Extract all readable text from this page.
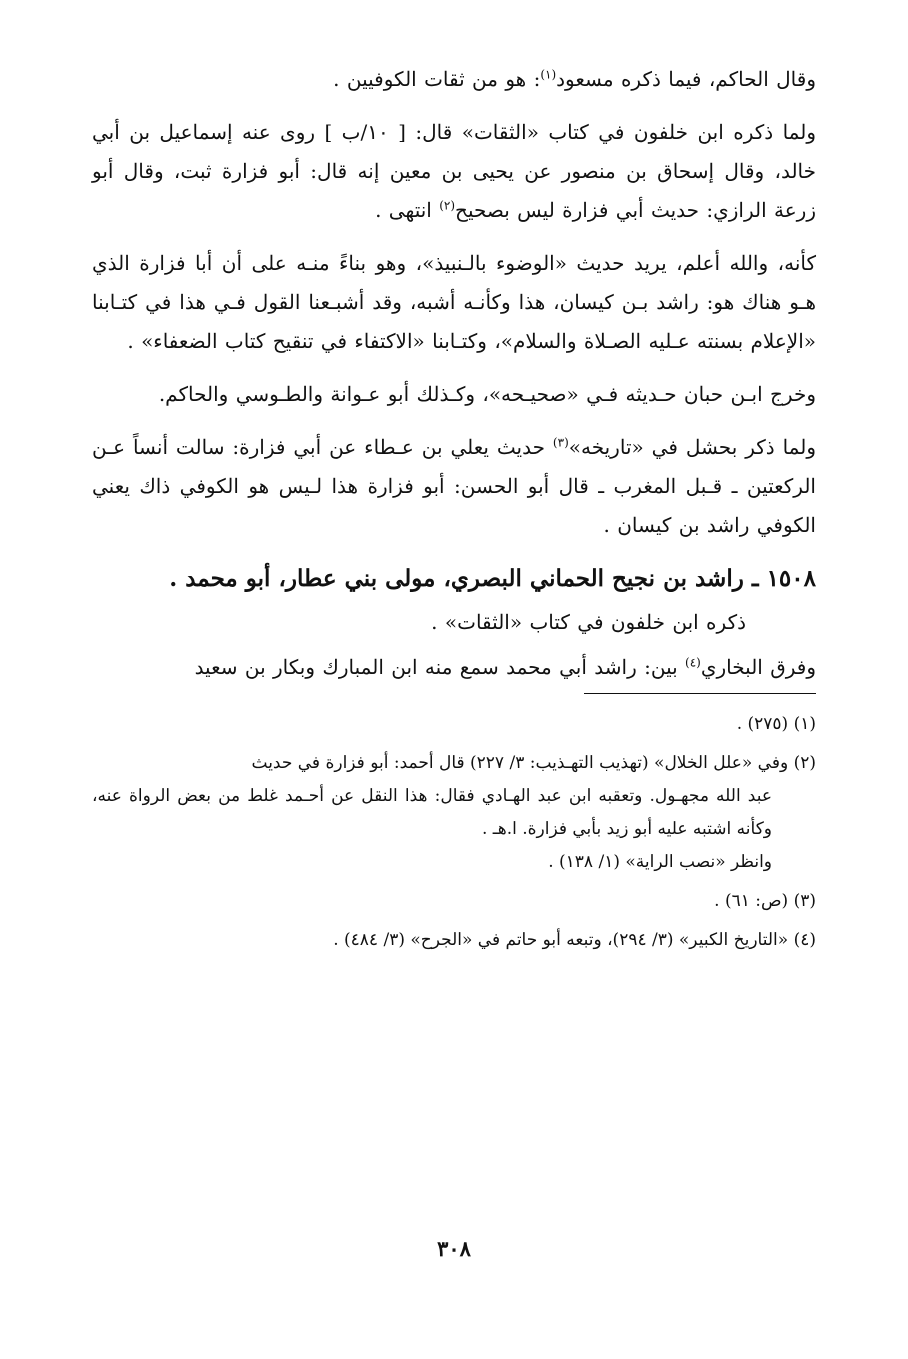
وقال الحاكم، فيما ذكره مسعود$^{(١)}$: هو من ثقات الكوفيين .

ولما ذكره ابن خلفون في كتاب «الثقات» قال: [ ١٠/ب ] روى عنه إسماعيل بن أبي خالد، وقال إسحاق بن منصور عن يحيى بن معين إنه قال: أبو فزارة ثبت، وقال أبو زرعة الرازي: حديث أبي فزارة ليس بصحيح$^{(٢)}$ انتهى .

كأنه، والله أعلم، يريد حديث «الوضوء بالـنبيذ»، وهو بناءً منـه على أن أبا فزارة الذي هـو هناك هو: راشد بـن كيسان، هذا وكأنـه أشبه، وقد أشبـعنا القول فـي هذا في كتـابنا «الإعلام بسنته عـليه الصـلاة والسلام»، وكتـابنا «الاكتفاء في تنقيح كتاب الضعفاء» .

وخرج ابـن حبان حـديثه فـي «صحيـحه»، وكـذلك أبو عـوانة والطـوسي والحاكم.

ولما ذكر بحشل في «تاريخه»$^{(٣)}$ حديث يعلي بن عـطاء عن أبي فزارة: سالت أنساً عـن الركعتين ـ قـبل المغرب ـ قال أبو الحسن: أبو فزارة هذا لـيس هو الكوفي ذاك يعني الكوفي راشد بن كيسان .

١٥٠٨ ـ راشد بن نجيح الحماني البصري، مولى بني عطار، أبو محمد .

ذكره ابن خلفون في كتاب «الثقات» .

وفرق البخاري$^{(٤)}$ بين: راشد أبي محمد سمع منه ابن المبارك وبكار بن سعيد

(١) (٢٧٥) .
(٢) وفي «علل الخلال» (تهذيب التهـذيب: ٣/ ٢٢٧) قال أحمد: أبو فزارة في حديث
عبد الله مجهـول. وتعقبه ابن عبد الهـادي فقال: هذا النقل عن أحـمد غلط من بعض الرواة عنه، وكأنه اشتبه عليه أبو زيد بأبي فزارة. ا.هـ .
وانظر «نصب الراية» (١/ ١٣٨) .
(٣) (ص: ٦١) .
(٤) «التاريخ الكبير» (٣/ ٢٩٤)، وتبعه أبو حاتم في «الجرح» (٣/ ٤٨٤) .
٣٠٨
